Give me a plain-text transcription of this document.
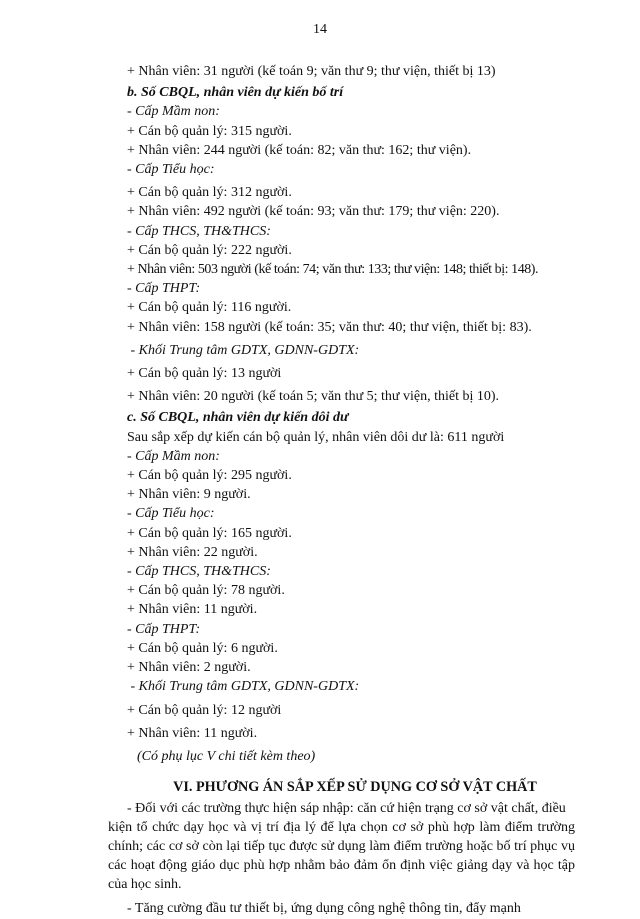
14
+ Nhân viên: 31 người (kế toán 9; văn thư 9; thư viện, thiết bị 13)
b. Số CBQL, nhân viên dự kiến bố trí
- Cấp Mầm non:
+ Cán bộ quản lý: 315 người.
+ Nhân viên: 244 người (kế toán: 82; văn thư: 162; thư viện).
- Cấp Tiểu học:
+ Cán bộ quản lý: 312 người.
+ Nhân viên: 492 người (kế toán: 93; văn thư: 179; thư viện: 220).
- Cấp THCS, TH&THCS:
+ Cán bộ quản lý: 222 người.
+ Nhân viên: 503 người (kế toán: 74; văn thư: 133; thư viện: 148; thiết bị: 148).
- Cấp THPT:
+ Cán bộ quản lý: 116 người.
+ Nhân viên: 158 người (kế toán: 35; văn thư: 40; thư viện, thiết bị: 83).
- Khối Trung tâm GDTX, GDNN-GDTX:
+ Cán bộ quản lý: 13 người
+ Nhân viên: 20 người (kế toán 5; văn thư 5; thư viện, thiết bị 10).
c. Số CBQL, nhân viên dự kiến dôi dư
Sau sắp xếp dự kiến cán bộ quản lý, nhân viên dôi dư là: 611 người
- Cấp Mầm non:
+ Cán bộ quản lý: 295 người.
+ Nhân viên: 9 người.
- Cấp Tiểu học:
+ Cán bộ quản lý: 165 người.
+ Nhân viên: 22 người.
- Cấp THCS, TH&THCS:
+ Cán bộ quản lý: 78 người.
+ Nhân viên: 11 người.
- Cấp THPT:
+ Cán bộ quản lý: 6 người.
+ Nhân viên: 2 người.
- Khối Trung tâm GDTX, GDNN-GDTX:
+ Cán bộ quản lý: 12 người
+ Nhân viên: 11 người.
(Có phụ lục V chi tiết kèm theo)
VI. PHƯƠNG ÁN SẮP XẾP SỬ DỤNG CƠ SỞ VẬT CHẤT
- Đối với các trường thực hiện sáp nhập: căn cứ hiện trạng cơ sở vật chất, điều
kiện tổ chức dạy học và vị trí địa lý để lựa chọn cơ sở phù hợp làm điểm trường chính; các cơ sở còn lại tiếp tục được sử dụng làm điểm trường hoặc bố trí phục vụ các hoạt động giáo dục phù hợp nhằm bảo đảm ổn định việc giảng dạy và học tập của học sinh.
- Tăng cường đầu tư thiết bị, ứng dụng công nghệ thông tin, đẩy mạnh
